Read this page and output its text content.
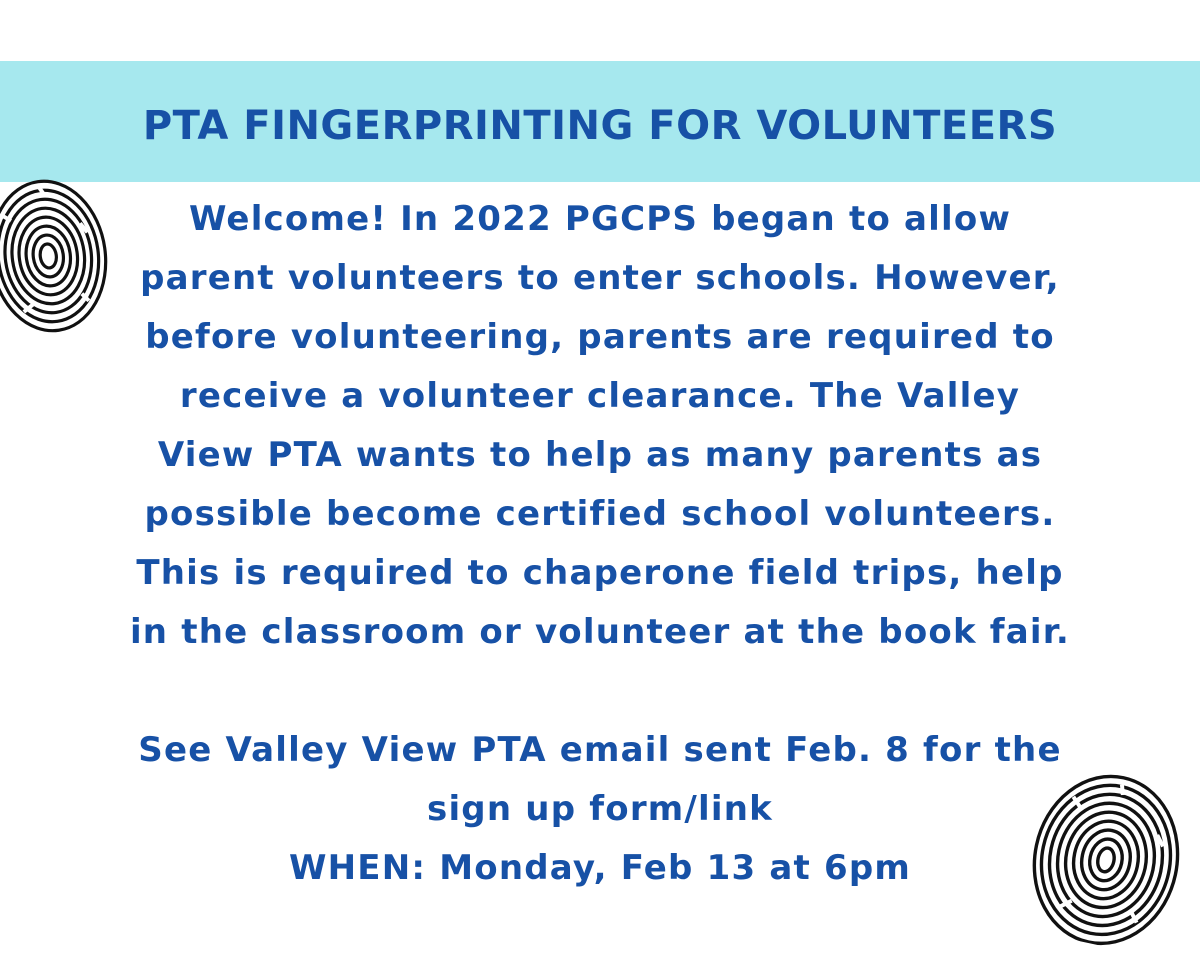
PTA FINGERPRINTING FOR VOLUNTEERS
Welcome! In 2022 PGCPS began to allow
parent volunteers to enter schools. However,
before volunteering, parents are required to
receive a volunteer clearance. The Valley
View PTA wants to help as many parents as
possible become certified school volunteers.
This is required to chaperone field trips, help
in the classroom or volunteer at the book fair.
See Valley View PTA email sent Feb. 8 for the
sign up form/link
WHEN: Monday, Feb 13 at 6pm
